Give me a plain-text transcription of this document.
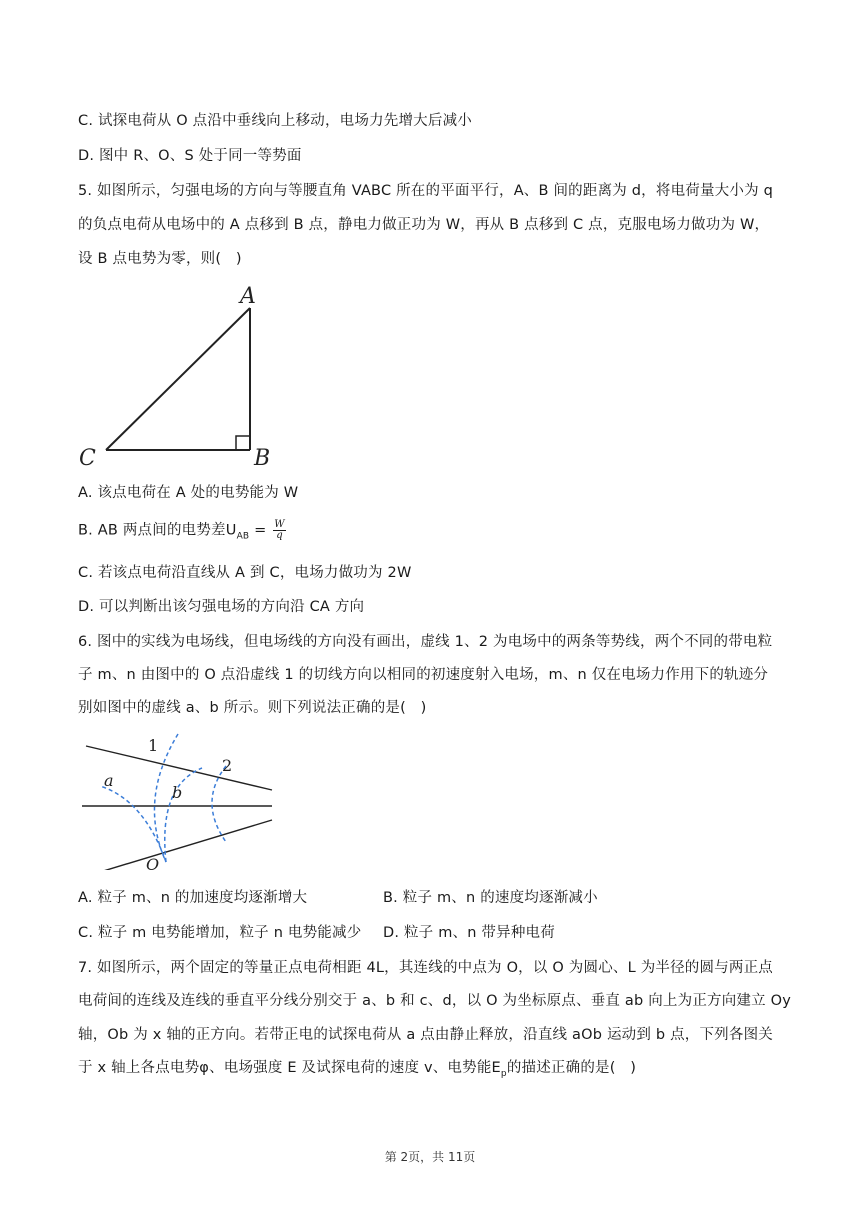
C. 试探电荷从 O 点沿中垂线向上移动，电场力先增大后减小
D. 图中 R、O、S 处于同一等势面
5. 如图所示，匀强电场的方向与等腰直角 VABC 所在的平面平行，A、B 间的距离为 d，将电荷量大小为 q
的负点电荷从电场中的 A 点移到 B 点，静电力做正功为 W，再从 B 点移到 C 点，克服电场力做功为 W，
设 B 点电势为零，则(　)
A
B
C
A. 该点电荷在 A 处的电势能为 W
B. AB 两点间的电势差$U_{AB} = \frac{W}{q}$
C. 若该点电荷沿直线从 A 到 C，电场力做功为 2W
D. 可以判断出该匀强电场的方向沿 CA 方向
6. 图中的实线为电场线，但电场线的方向没有画出，虚线 1、2 为电场中的两条等势线，两个不同的带电粒
子 m、n 由图中的 O 点沿虚线 1 的切线方向以相同的初速度射入电场，m、n 仅在电场力作用下的轨迹分
别如图中的虚线 a、b 所示。则下列说法正确的是(　)
1
2
a
b
O
A. 粒子 m、n 的加速度均逐渐增大	B. 粒子 m、n 的速度均逐渐减小
C. 粒子 m 电势能增加，粒子 n 电势能减少 D. 粒子 m、n 带异种电荷
7. 如图所示，两个固定的等量正点电荷相距 4L，其连线的中点为 O，以 O 为圆心、L 为半径的圆与两正点
电荷间的连线及连线的垂直平分线分别交于 a、b 和 c、d，以 O 为坐标原点、垂直 ab 向上为正方向建立 Oy
轴，Ob 为 x 轴的正方向。若带正电的试探电荷从 a 点由静止释放，沿直线 aOb 运动到 b 点，下列各图关
于 x 轴上各点电势φ、电场强度 E 及试探电荷的速度 v、电势能$E_p$的描述正确的是(　)
第 2页，共 11页
